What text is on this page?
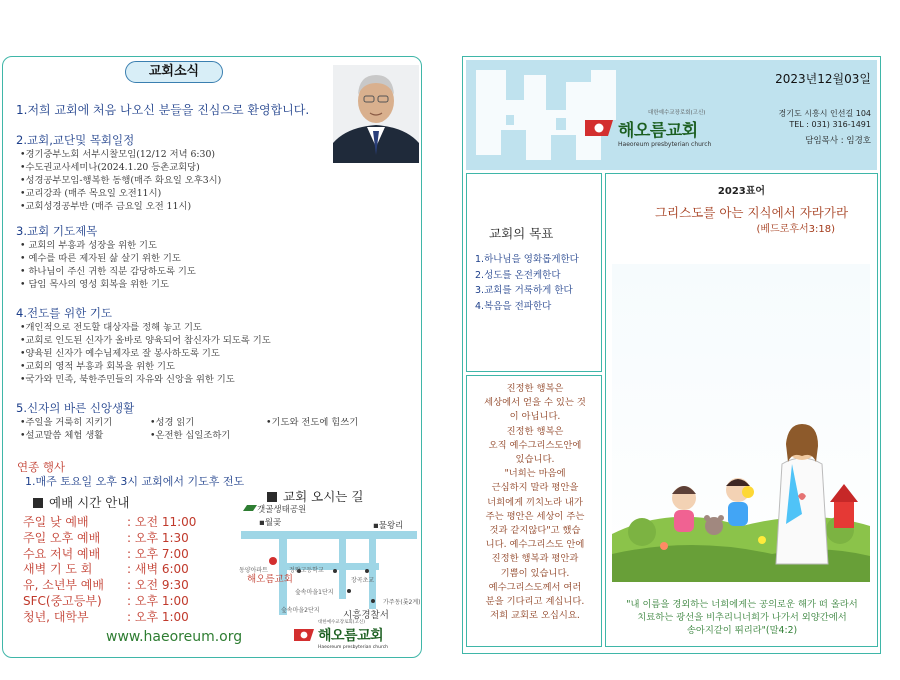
교회소식
1.저희 교회에 처음 나오신 분들을 진심으로 환영합니다.
2.교회,교단및 목회일정
•경기중부노회 서부시찰모임(12/12 저녁 6:30)
•수도권교사세미나(2024.1.20 등촌교회당)
•성경공부모임-행복한 동행(매주 화요일 오후3시)
•교리강좌 (매주 목요일 오전11시)
•교회성경공부반 (매주 금요일 오전 11시)
3.교회 기도제목
• 교회의 부흥과 성장을 위한 기도
• 예수를 따른 제자된 삶 살기 위한 기도
• 하나님이 주신 귀한 직분 감당하도록 기도
• 담임 목사의 영성 회복을 위한 기도
4.전도를 위한 기도
•개인적으로 전도할 대상자를 정해 놓고 기도
•교회로 인도된 신자가 올바로 양육되어 참신자가 되도록 기도
•양육된 신자가 예수님제자로 잘 봉사하도록 기도
•교회의 영적 부흥과 회복을 위한 기도
•국가와 민족, 북한주민들의 자유와 신앙을 위한 기도
5.신자의 바른 신앙생활
•주일을 거룩히 지키기	•성경 읽기	•기도와 전도에 힘쓰기
•설교말씀 체험 생활	•온전한 십일조하기
연종 행사
1.매주 토요일 오후 3시 교회에서 기도후 전도
예배 시간 안내
주일 낮 예배	: 오전 11:00
주일 오후 예배	: 오후 1:30
수요 저녁 예배	: 오후 7:00
새벽 기 도 회	: 새벽 6:00
유, 소년부 예배	: 오전 9:30
SFC(중고등부)	: 오후 1:00
청년, 대학부	: 오후 1:00
www.haeoreum.org
교회 오시는 길
갯골생태공원
▪월곶	▪물왕리
동양아파트	정왕고등학교
해오름교회
숲속마을1단지
장곡초교
숲속마을2단지
가주동(롯2계)
시흥경찰서
대한예수교장로회(고신)
해오름교회
Haeoreum presbyterian church
대한예수교장로회(고신)
해오름교회
Haeoreum presbyterian church
2023년12월03일
경기도 시흥시 인선길 104
TEL : 031) 316-1491
담임목사 : 임경호
교회의 목표
1.하나님을 영화롭게한다
2.성도를 온전케한다
3.교회를 거룩하게 한다
4.복음을 전파한다
진정한 행복은
세상에서 얻을 수 있는 것
이 아닙니다.
진정한 행복은
오직 예수그리스도안에
있습니다.
"너희는 마음에
근심하지 말라 평안을
너희에게 끼치노라 내가
주는 평안은 세상이 주는
것과 같지않다"고 했습
니다. 예수그리스도 안에
진정한 행복과 평안과
기쁨이 있습니다.
예수그리스도께서 여러
분을 기다리고 계십니다.
저희 교회로 오십시요.
2023표어
그리스도를 아는 지식에서 자라가라
(베드로후서3:18)
"내 이름을 경외하는 너희에게는 공의로운 해가 떠 올라서
치료하는 광선을 비추리니너희가 나가서 외양간에서
송아지같이 뛰리라"(말4:2)
